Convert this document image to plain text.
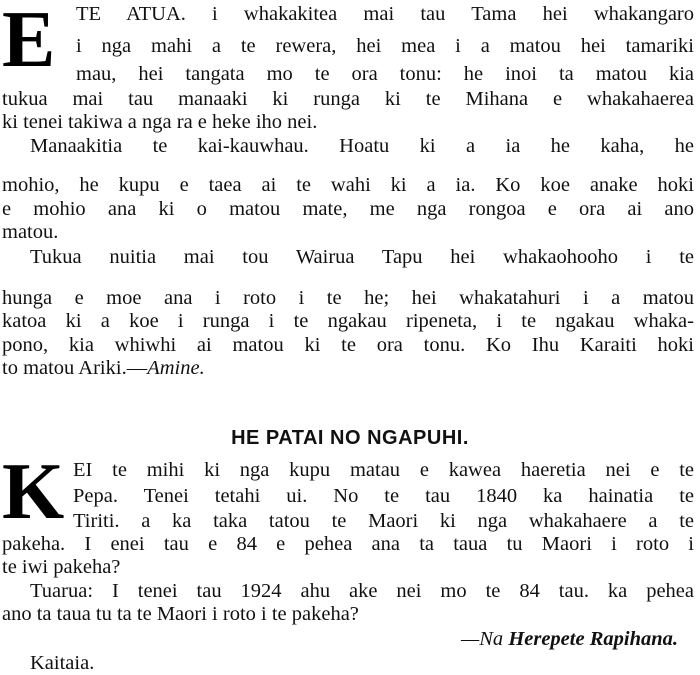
E TE ATUA. i whakakitea mai tau Tama hei whakangaro
i nga mahi a te rewera, hei mea i a matou hei tamariki
mau, hei tangata mo te ora tonu: he inoi ta matou kia
tukua mai tau manaaki ki runga ki te Mihana e whakahaerea
ki tenei takiwa a nga ra e heke iho nei.
Manaakitia te kai-kauwhau. Hoatu ki a ia he kaha, he
mohio, he kupu e taea ai te wahi ki a ia. Ko koe anake hoki
e mohio ana ki o matou mate, me nga rongoa e ora ai ano
matou.
Tukua nuitia mai tou Wairua Tapu hei whakaohooho i te
hunga e moe ana i roto i te he; hei whakatahuri i a matou
katoa ki a koe i runga i te ngakau ripeneta, i te ngakau whaka-
pono, kia whiwhi ai matou ki te ora tonu. Ko Ihu Karaiti hoki
to matou Ariki.—Amine.
HE PATAI NO NGAPUHI.
K EI te mihi ki nga kupu matau e kawea haeretia nei e te
Pepa. Tenei tetahi ui. No te tau 1840 ka hainatia te
Tiriti. a ka taka tatou te Maori ki nga whakahaere a te
pakeha. I enei tau e 84 e pehea ana ta taua tu Maori i roto i
te iwi pakeha?
Tuarua: I tenei tau 1924 ahu ake nei mo te 84 tau. ka pehea
ano ta taua tu ta te Maori i roto i te pakeha?
—Na Herepete Rapihana.
Kaitaia.
